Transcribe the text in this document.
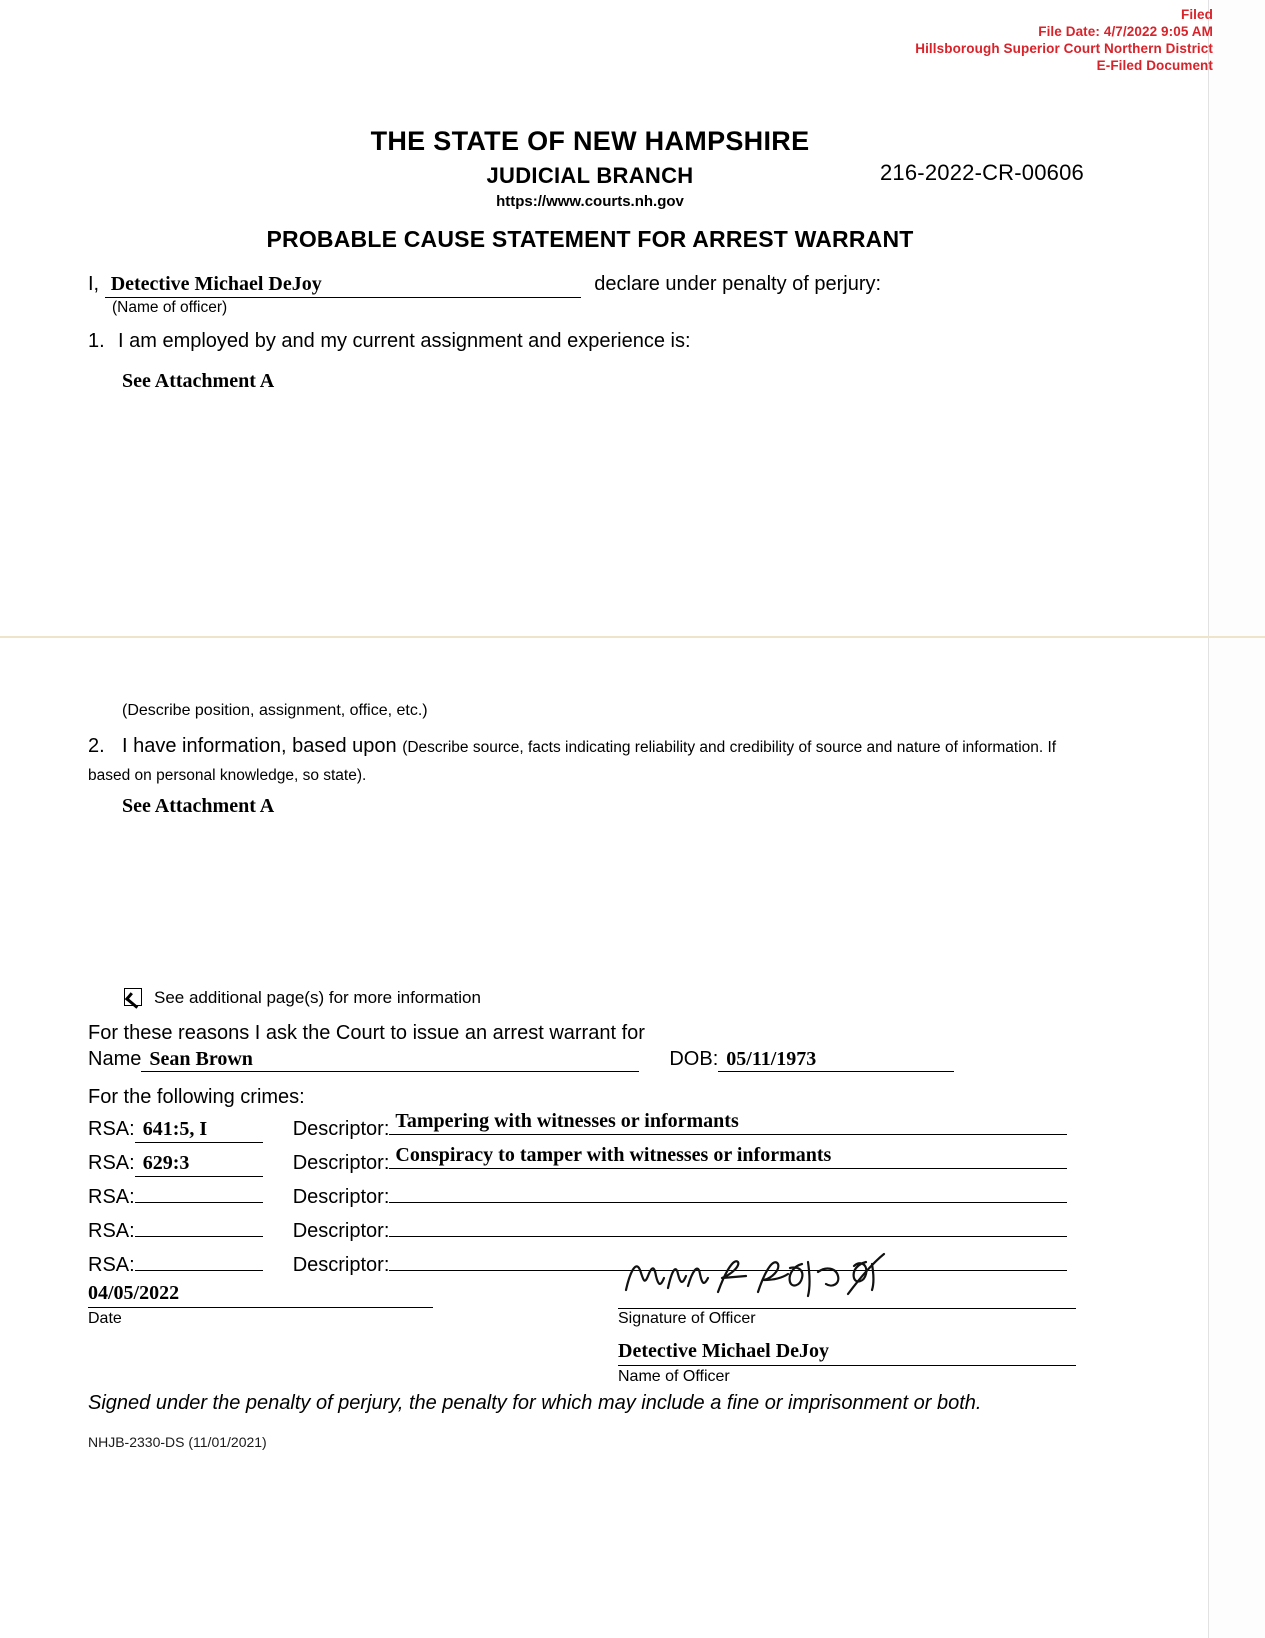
Filed
File Date: 4/7/2022 9:05 AM
Hillsborough Superior Court Northern District
E-Filed Document
THE STATE OF NEW HAMPSHIRE
JUDICIAL BRANCH
https://www.courts.nh.gov
216-2022-CR-00606
PROBABLE CAUSE STATEMENT FOR ARREST WARRANT
I, Detective Michael DeJoy	declare under penalty of perjury:
(Name of officer)
1. I am employed by and my current assignment and experience is:
See Attachment A
(Describe position, assignment, office, etc.)
2. I have information, based upon (Describe source, facts indicating reliability and credibility of source and nature of information. If based on personal knowledge, so state).
See Attachment A
See additional page(s) for more information
For these reasons I ask the Court to issue an arrest warrant for
Name Sean Brown	DOB: 05/11/1973
For the following crimes:
RSA: 641:5, I	Descriptor: Tampering with witnesses or informants
RSA: 629:3	Descriptor: Conspiracy to tamper with witnesses or informants
RSA:	Descriptor:
RSA:	Descriptor:
RSA:	Descriptor:
04/05/2022
Date	Signature of Officer
Detective Michael DeJoy
Name of Officer
Signed under the penalty of perjury, the penalty for which may include a fine or imprisonment or both.
NHJB-2330-DS (11/01/2021)
